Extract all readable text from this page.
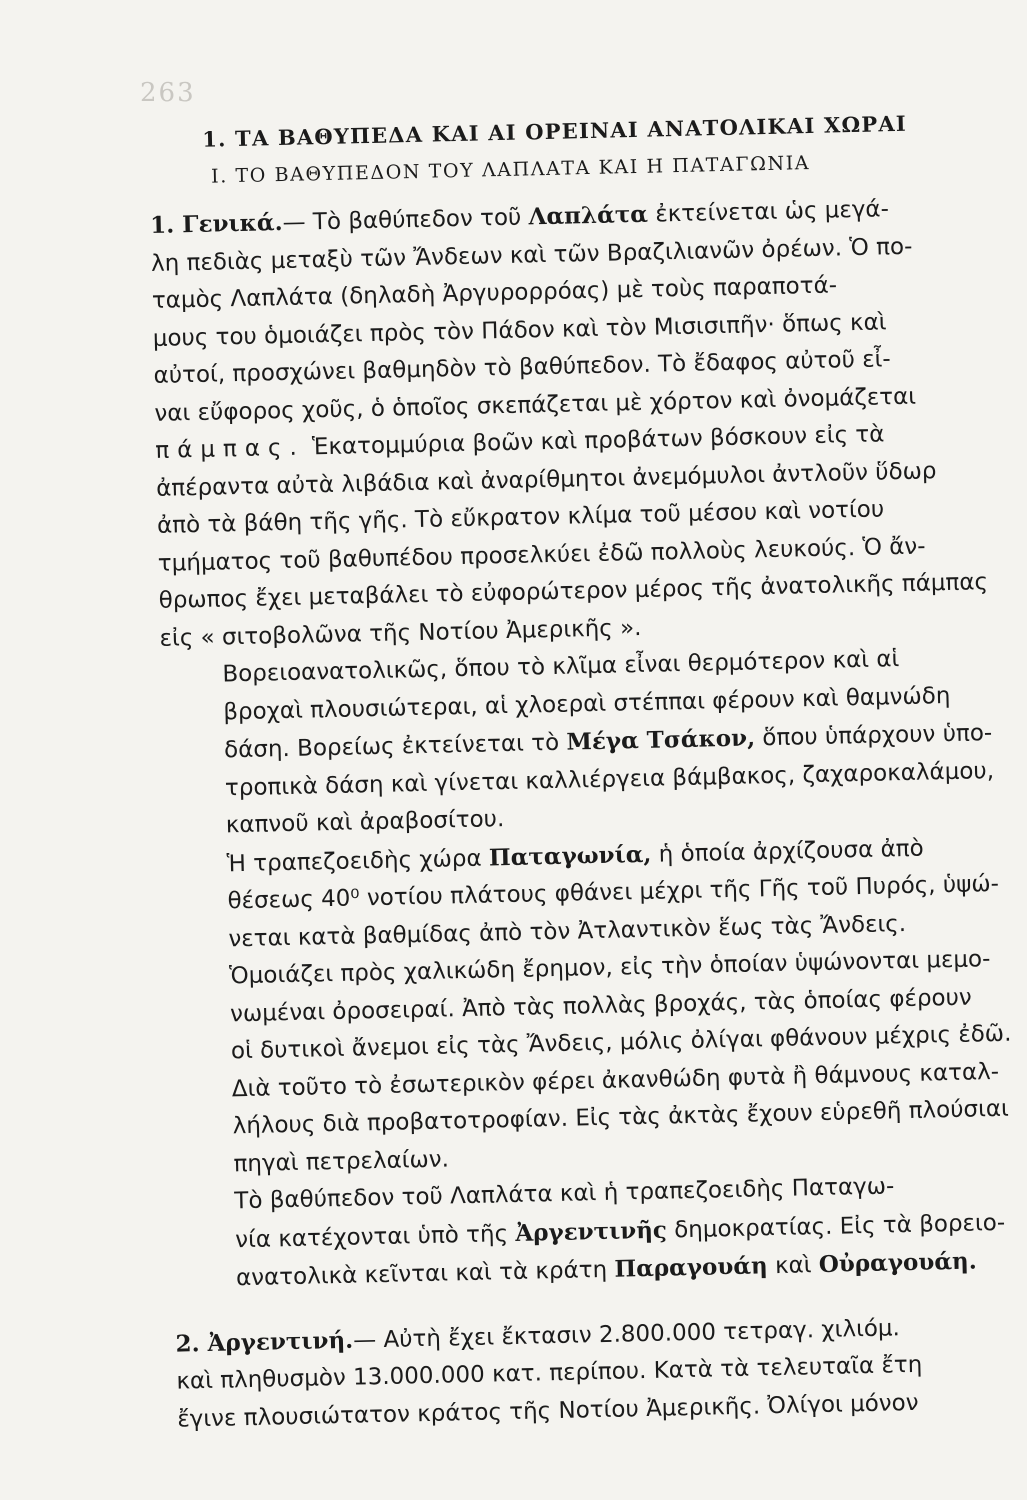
263
1. ΤΑ ΒΑΘΥΠΕΔΑ ΚΑΙ ΑΙ ΟΡΕΙΝΑΙ ΑΝΑΤΟΛΙΚΑΙ ΧΩΡΑΙ
Ι. ΤΟ ΒΑΘΥΠΕΔΟΝ ΤΟΥ ΛΑΠΛΑΤΑ ΚΑΙ Η ΠΑΤΑΓΩΝΙΑ

1. Γενικά.— Τὸ βαθύπεδον τοῦ Λαπλάτα ἐκτείνεται ὡς μεγά-
λη πεδιὰς μεταξὺ τῶν Ἄνδεων καὶ τῶν Βραζιλιανῶν ὀρέων. Ὁ πο-
ταμὸς Λαπλάτα (δηλαδὴ Ἀργυρορρόας) μὲ τοὺς παραποτά-
μους του ὁμοιάζει πρὸς τὸν Πάδον καὶ τὸν Μισισιπῆν· ὅπως καὶ
αὐτοί, προσχώνει βαθμηδὸν τὸ βαθύπεδον. Τὸ ἔδαφος αὐτοῦ εἶ-
ναι εὔφορος χοῦς, ὁ ὁποῖος σκεπάζεται μὲ χόρτον καὶ ὀνομάζεται
πάμπας. Ἑκατομμύρια βοῶν καὶ προβάτων βόσκουν εἰς τὰ
ἀπέραντα αὐτὰ λιβάδια καὶ ἀναρίθμητοι ἀνεμόμυλοι ἀντλοῦν ὕδωρ
ἀπὸ τὰ βάθη τῆς γῆς. Τὸ εὔκρατον κλίμα τοῦ μέσου καὶ νοτίου
τμήματος τοῦ βαθυπέδου προσελκύει ἐδῶ πολλοὺς λευκούς. Ὁ ἄν-
θρωπος ἔχει μεταβάλει τὸ εὐφορώτερον μέρος τῆς ἀνατολικῆς πάμπας
εἰς « σιτοβολῶνα τῆς Νοτίου Ἀμερικῆς ».

Βορειοανατολικῶς, ὅπου τὸ κλῖμα εἶναι θερμότερον καὶ αἱ
βροχαὶ πλουσιώτεραι, αἱ χλοεραὶ στέππαι φέρουν καὶ θαμνώδη
δάση. Βορείως ἐκτείνεται τὸ Μέγα Τσάκον, ὅπου ὑπάρχουν ὑπο-
τροπικὰ δάση καὶ γίνεται καλλιέργεια βάμβακος, ζαχαροκαλάμου,
καπνοῦ καὶ ἀραβοσίτου.

Ἡ τραπεζοειδὴς χώρα Παταγωνία, ἡ ὁποία ἀρχίζουσα ἀπὸ
θέσεως 40⁰ νοτίου πλάτους φθάνει μέχρι τῆς Γῆς τοῦ Πυρός, ὑψώ-
νεται κατὰ βαθμίδας ἀπὸ τὸν Ἀτλαντικὸν ἕως τὰς Ἄνδεις.
Ὁμοιάζει πρὸς χαλικώδη ἔρημον, εἰς τὴν ὁποίαν ὑψώνονται μεμο-
νωμέναι ὀροσειραί. Ἀπὸ τὰς πολλὰς βροχάς, τὰς ὁποίας φέρουν
οἱ δυτικοὶ ἄνεμοι εἰς τὰς Ἄνδεις, μόλις ὀλίγαι φθάνουν μέχρις ἐδῶ.
Διὰ τοῦτο τὸ ἐσωτερικὸν φέρει ἀκανθώδη φυτὰ ἢ θάμνους καταλ-
λήλους διὰ προβατοτροφίαν. Εἰς τὰς ἀκτὰς ἔχουν εὑρεθῆ πλούσιαι
πηγαὶ πετρελαίων.

Τὸ βαθύπεδον τοῦ Λαπλάτα καὶ ἡ τραπεζοειδὴς Παταγω-
νία κατέχονται ὑπὸ τῆς Ἀργεντινῆς δημοκρατίας. Εἰς τὰ βορειο-
ανατολικὰ κεῖνται καὶ τὰ κράτη Παραγουάη καὶ Οὐραγουάη.

2. Ἀργεντινή.— Αὐτὴ ἔχει ἔκτασιν 2.800.000 τετραγ. χιλιόμ.
καὶ πληθυσμὸν 13.000.000 κατ. περίπου. Κατὰ τὰ τελευταῖα ἔτη
ἔγινε πλουσιώτατον κράτος τῆς Νοτίου Ἀμερικῆς. Ὀλίγοι μόνον
